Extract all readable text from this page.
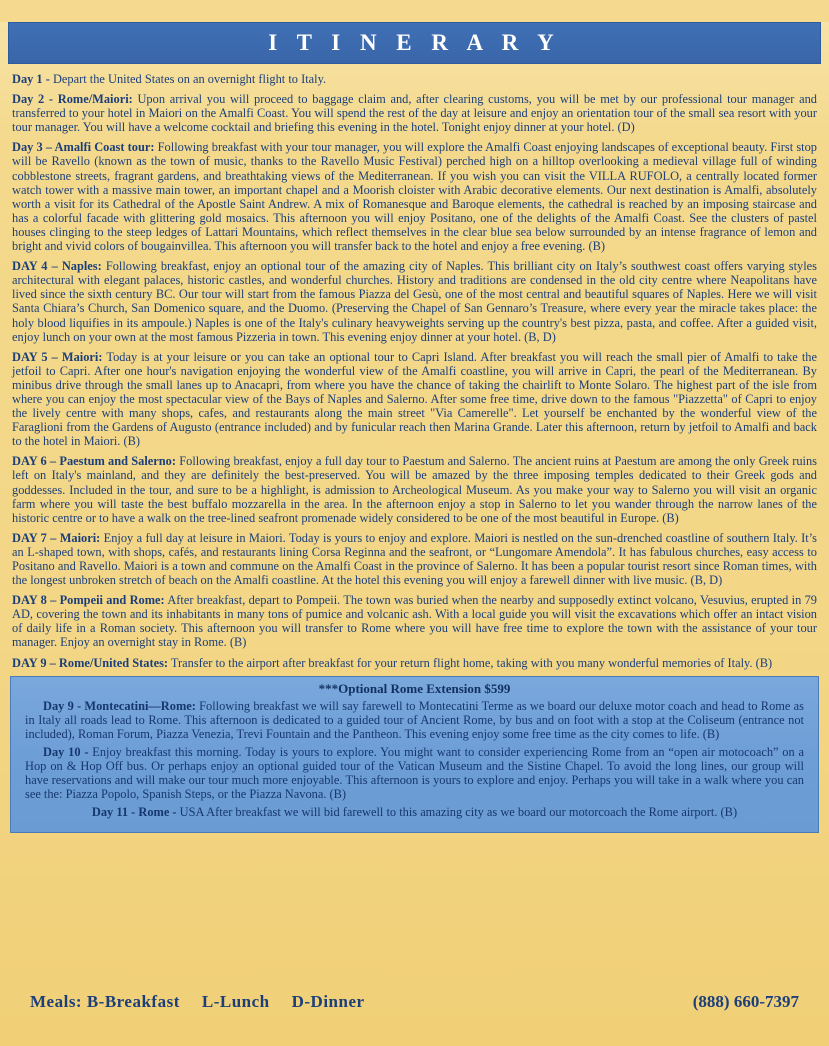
I T I N E R A R Y

Day 1 - Depart the United States on an overnight flight to Italy.

Day 2 - Rome/Maiori: Upon arrival you will proceed to baggage claim and, after clearing customs, you will be met by our professional tour manager and transferred to your hotel in Maiori on the Amalfi Coast. You will spend the rest of the day at leisure and enjoy an orientation tour of the small sea resort with your tour manager. You will have a welcome cocktail and briefing this evening in the hotel. Tonight enjoy dinner at your hotel. (D)

Day 3 – Amalfi Coast tour: Following breakfast with your tour manager, you will explore the Amalfi Coast enjoying landscapes of exceptional beauty. First stop will be Ravello (known as the town of music, thanks to the Ravello Music Festival) perched high on a hilltop overlooking a medieval village full of winding cobblestone streets, fragrant gardens, and breathtaking views of the Mediterranean. If you wish you can visit the VILLA RUFOLO, a centrally located former watch tower with a massive main tower, an important chapel and a Moorish cloister with Arabic decorative elements. Our next destination is Amalfi, absolutely worth a visit for its Cathedral of the Apostle Saint Andrew. A mix of Romanesque and Baroque elements, the cathedral is reached by an imposing staircase and has a colorful facade with glittering gold mosaics. This afternoon you will enjoy Positano, one of the delights of the Amalfi Coast. See the clusters of pastel houses clinging to the steep ledges of Lattari Mountains, which reflect themselves in the clear blue sea below surrounded by an intense fragrance of lemon and bright and vivid colors of bougainvillea. This afternoon you will transfer back to the hotel and enjoy a free evening. (B)

DAY 4 – Naples: Following breakfast, enjoy an optional tour of the amazing city of Naples. This brilliant city on Italy’s southwest coast offers varying styles architectural with elegant palaces, historic castles, and wonderful churches. History and traditions are condensed in the old city centre where Neapolitans have lived since the sixth century BC. Our tour will start from the famous Piazza del Gesù, one of the most central and beautiful squares of Naples. Here we will visit Santa Chiara’s Church, San Domenico square, and the Duomo. (Preserving the Chapel of San Gennaro’s Treasure, where every year the miracle takes place: the holy blood liquifies in its ampoule.) Naples is one of the Italy's culinary heavyweights serving up the country's best pizza, pasta, and coffee. After a guided visit, enjoy lunch on your own at the most famous Pizzeria in town. This evening enjoy dinner at your hotel. (B, D)

DAY 5 – Maiori: Today is at your leisure or you can take an optional tour to Capri Island. After breakfast you will reach the small pier of Amalfi to take the jetfoil to Capri. After one hour's navigation enjoying the wonderful view of the Amalfi coastline, you will arrive in Capri, the pearl of the Mediterranean. By minibus drive through the small lanes up to Anacapri, from where you have the chance of taking the chairlift to Monte Solaro. The highest part of the isle from where you can enjoy the most spectacular view of the Bays of Naples and Salerno. After some free time, drive down to the famous "Piazzetta" of Capri to enjoy the lively centre with many shops, cafes, and restaurants along the main street "Via Camerelle". Let yourself be enchanted by the wonderful view of the Faraglioni from the Gardens of Augusto (entrance included) and by funicular reach then Marina Grande. Later this afternoon, return by jetfoil to Amalfi and back to the hotel in Maiori. (B)

DAY 6 – Paestum and Salerno: Following breakfast, enjoy a full day tour to Paestum and Salerno. The ancient ruins at Paestum are among the only Greek ruins left on Italy's mainland, and they are definitely the best-preserved. You will be amazed by the three imposing temples dedicated to their Greek gods and goddesses. Included in the tour, and sure to be a highlight, is admission to Archeological Museum. As you make your way to Salerno you will visit an organic farm where you will taste the best buffalo mozzarella in the area. In the afternoon enjoy a stop in Salerno to let you wander through the narrow lanes of the historic centre or to have a walk on the tree-lined seafront promenade widely considered to be one of the most beautiful in Europe. (B)

DAY 7 – Maiori: Enjoy a full day at leisure in Maiori. Today is yours to enjoy and explore. Maiori is nestled on the sun-drenched coastline of southern Italy. It’s an L-shaped town, with shops, cafés, and restaurants lining Corsa Reginna and the seafront, or “Lungomare Amendola”. It has fabulous churches, easy access to Positano and Ravello. Maiori is a town and commune on the Amalfi Coast in the province of Salerno. It has been a popular tourist resort since Roman times, with the longest unbroken stretch of beach on the Amalfi coastline. At the hotel this evening you will enjoy a farewell dinner with live music. (B, D)

DAY 8 – Pompeii and Rome: After breakfast, depart to Pompeii. The town was buried when the nearby and supposedly extinct volcano, Vesuvius, erupted in 79 AD, covering the town and its inhabitants in many tons of pumice and volcanic ash. With a local guide you will visit the excavations which offer an intact vision of daily life in a Roman society. This afternoon you will transfer to Rome where you will have free time to explore the town with the assistance of your tour manager. Enjoy an overnight stay in Rome. (B)

DAY 9 – Rome/United States: Transfer to the airport after breakfast for your return flight home, taking with you many wonderful memories of Italy. (B)

***Optional Rome Extension $599

Day 9 - Montecatini—Rome: Following breakfast we will say farewell to Montecatini Terme as we board our deluxe motor coach and head to Rome as in Italy all roads lead to Rome. This afternoon is dedicated to a guided tour of Ancient Rome, by bus and on foot with a stop at the Coliseum (entrance not included), Roman Forum, Piazza Venezia, Trevi Fountain and the Pantheon. This evening enjoy some free time as the city comes to life. (B)

Day 10 - Enjoy breakfast this morning. Today is yours to explore. You might want to consider experiencing Rome from an “open air motocoach” on a Hop on & Hop Off bus. Or perhaps enjoy an optional guided tour of the Vatican Museum and the Sistine Chapel. To avoid the long lines, our group will have reservations and will make our tour much more enjoyable. This afternoon is yours to explore and enjoy. Perhaps you will take in a walk where you can see the: Piazza Popolo, Spanish Steps, or the Piazza Navona. (B)

Day 11 - Rome - USA After breakfast we will bid farewell to this amazing city as we board our motorcoach the Rome airport. (B)

Meals: B-Breakfast L-Lunch D-Dinner	(888) 660-7397
